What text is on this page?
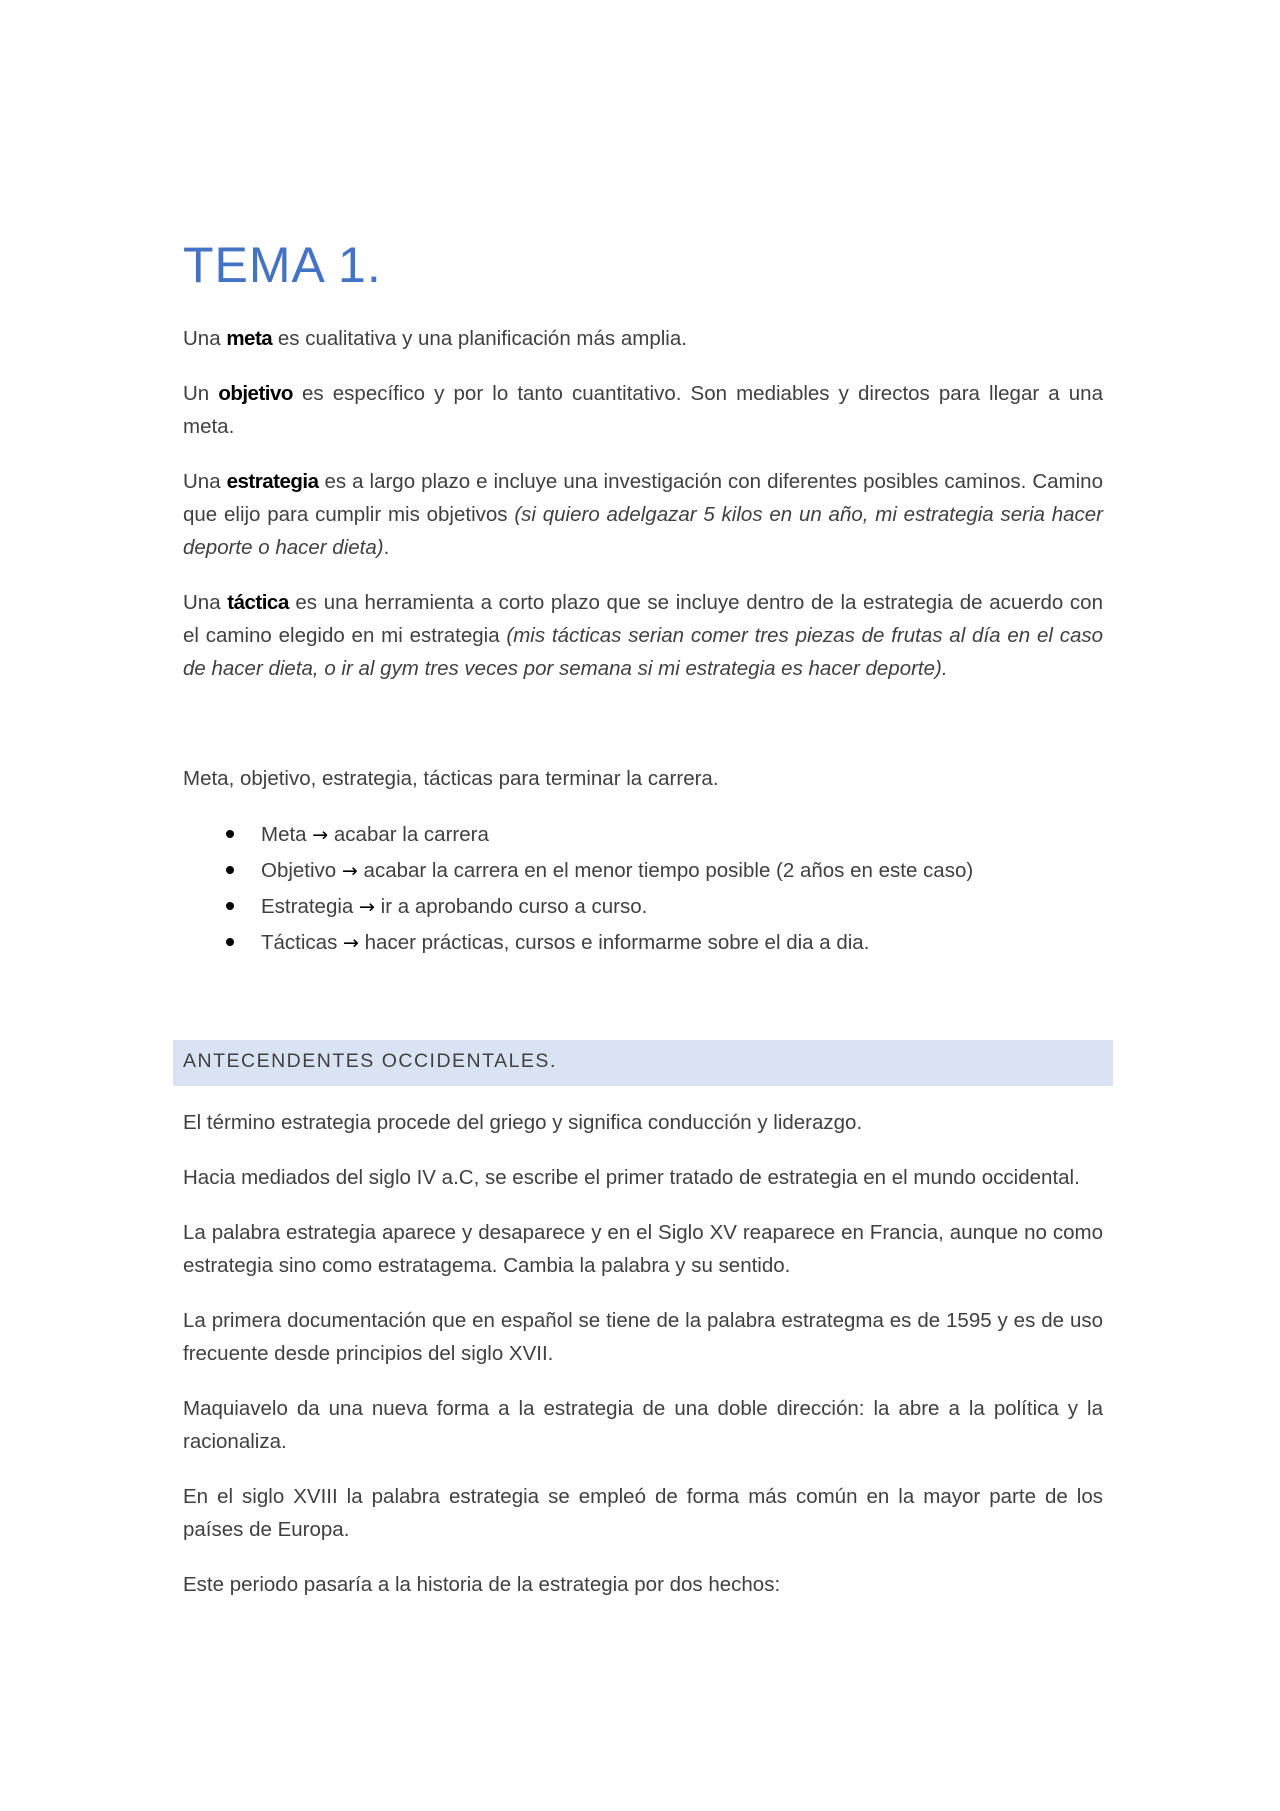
TEMA 1.

Una meta es cualitativa y una planificación más amplia.

Un objetivo es específico y por lo tanto cuantitativo. Son mediables y directos para llegar a una meta.

Una estrategia es a largo plazo e incluye una investigación con diferentes posibles caminos. Camino que elijo para cumplir mis objetivos (si quiero adelgazar 5 kilos en un año, mi estrategia seria hacer deporte o hacer dieta).

Una táctica es una herramienta a corto plazo que se incluye dentro de la estrategia de acuerdo con el camino elegido en mi estrategia (mis tácticas serian comer tres piezas de frutas al día en el caso de hacer dieta, o ir al gym tres veces por semana si mi estrategia es hacer deporte).

Meta, objetivo, estrategia, tácticas para terminar la carrera.

Meta → acabar la carrera
Objetivo → acabar la carrera en el menor tiempo posible (2 años en este caso)
Estrategia → ir a aprobando curso a curso.
Tácticas → hacer prácticas, cursos e informarme sobre el dia a dia.
ANTECENDENTES OCCIDENTALES.

El término estrategia procede del griego y significa conducción y liderazgo.

Hacia mediados del siglo IV a.C, se escribe el primer tratado de estrategia en el mundo occidental.

La palabra estrategia aparece y desaparece y en el Siglo XV reaparece en Francia, aunque no como estrategia sino como estratagema. Cambia la palabra y su sentido.

La primera documentación que en español se tiene de la palabra estrategma es de 1595 y es de uso frecuente desde principios del siglo XVII.

Maquiavelo da una nueva forma a la estrategia de una doble dirección: la abre a la política y la racionaliza.

En el siglo XVIII la palabra estrategia se empleó de forma más común en la mayor parte de los países de Europa.

Este periodo pasaría a la historia de la estrategia por dos hechos:
